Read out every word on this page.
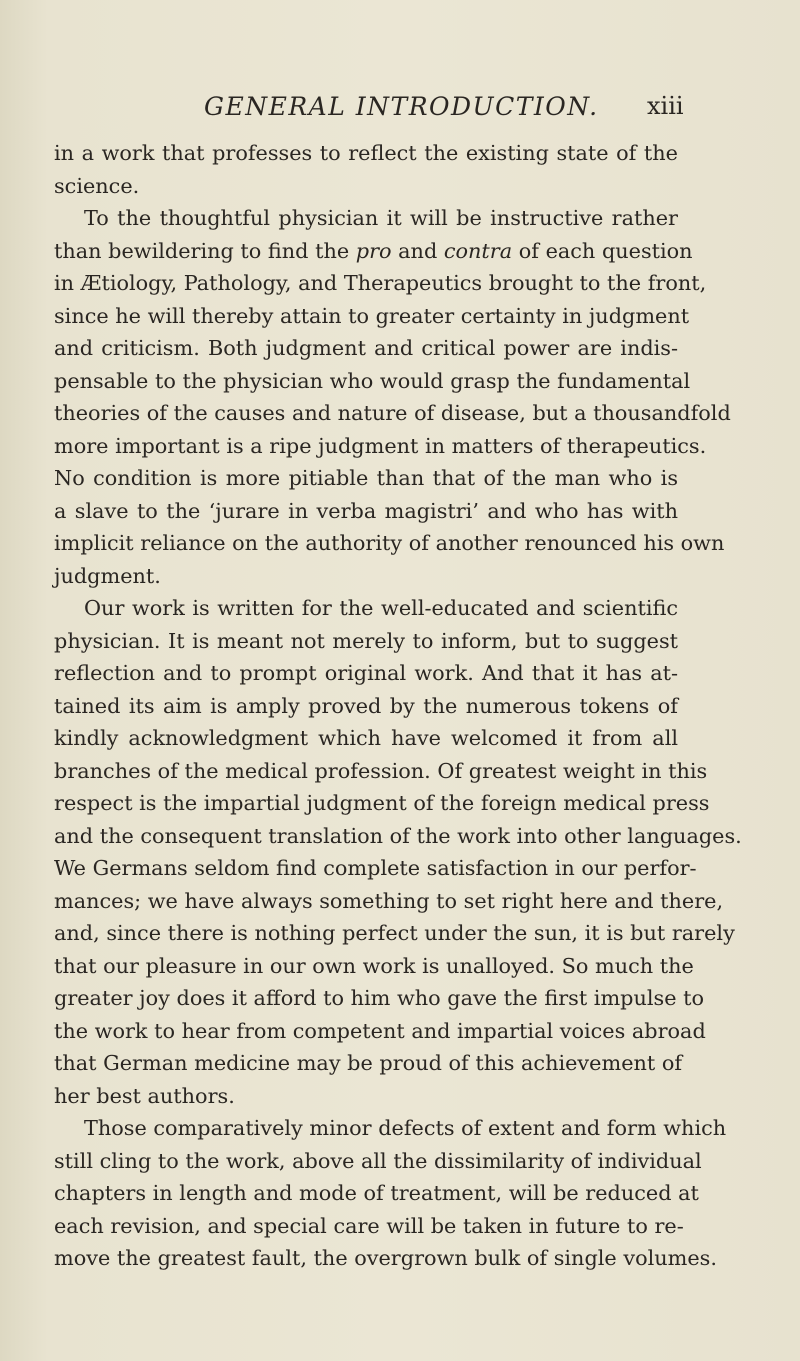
GENERAL INTRODUCTION. xiii
in a work that professes to reflect the existing state of the
science.
To the thoughtful physician it will be instructive rather
than bewildering to find the pro and contra of each question
in Ætiology, Pathology, and Therapeutics brought to the front,
since he will thereby attain to greater certainty in judgment
and criticism. Both judgment and critical power are indis-
pensable to the physician who would grasp the fundamental
theories of the causes and nature of disease, but a thousandfold
more important is a ripe judgment in matters of therapeutics.
No condition is more pitiable than that of the man who is
a slave to the ‘jurare in verba magistri’ and who has with
implicit reliance on the authority of another renounced his own
judgment.
Our work is written for the well-educated and scientific
physician. It is meant not merely to inform, but to suggest
reflection and to prompt original work. And that it has at-
tained its aim is amply proved by the numerous tokens of
kindly acknowledgment which have welcomed it from all
branches of the medical profession. Of greatest weight in this
respect is the impartial judgment of the foreign medical press
and the consequent translation of the work into other languages.
We Germans seldom find complete satisfaction in our perfor-
mances; we have always something to set right here and there,
and, since there is nothing perfect under the sun, it is but rarely
that our pleasure in our own work is unalloyed. So much the
greater joy does it afford to him who gave the first impulse to
the work to hear from competent and impartial voices abroad
that German medicine may be proud of this achievement of
her best authors.
Those comparatively minor defects of extent and form which
still cling to the work, above all the dissimilarity of individual
chapters in length and mode of treatment, will be reduced at
each revision, and special care will be taken in future to re-
move the greatest fault, the overgrown bulk of single volumes.
